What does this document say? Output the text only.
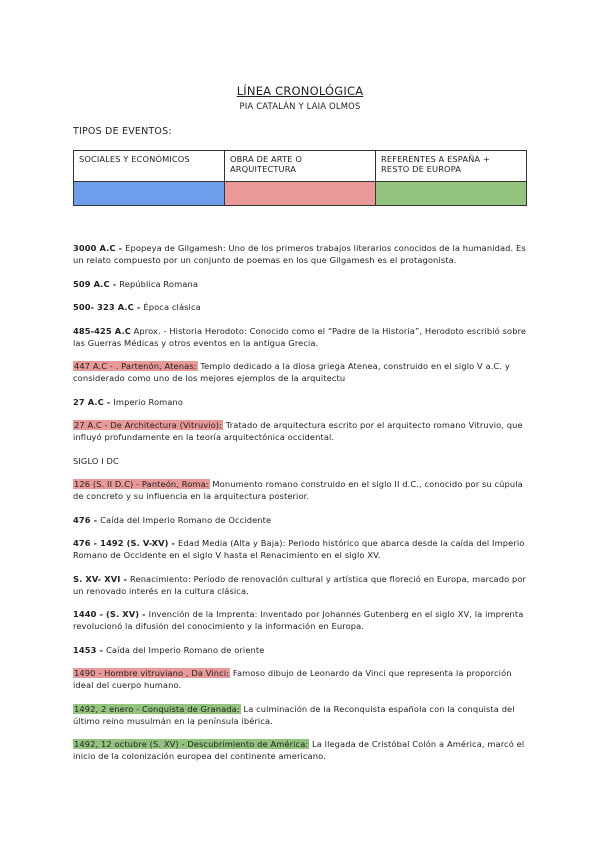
LÍNEA CRONOLÓGICA
PIA CATALÁN Y LAIA OLMOS
TIPOS DE EVENTOS:
SOCIALES Y ECONÓMICOS	OBRA DE ARTE O ARQUITECTURA	REFERENTES A ESPAÑA + RESTO DE EUROPA

3000 A.C - Epopeya de Gilgamesh: Uno de los primeros trabajos literarios conocidos de la humanidad. Es un relato compuesto por un conjunto de poemas en los que Gilgamesh es el protagonista.
509 A.C - República Romana
500- 323 A.C - Época clásica
485-425 A.C Aprox. - Historia Herodoto: Conocido como el “Padre de la Historia”, Herodoto escribió sobre las Guerras Médicas y otros eventos en la antigua Grecia.
447 A.C - . Partenón, Atenas: Templo dedicado a la diosa griega Atenea, construido en el siglo V a.C. y considerado como uno de los mejores ejemplos de la arquitectu
27 A.C - Imperio Romano
27 A.C - De Architectura (Vitruvio): Tratado de arquitectura escrito por el arquitecto romano Vitruvio, que influyó profundamente en la teoría arquitectónica occidental.
SIGLO I DC
126 (S. II D.C) - Panteón, Roma: Monumento romano construido en el siglo II d.C., conocido por su cúpula de concreto y su influencia en la arquitectura posterior.
476 - Caída del Imperio Romano de Occidente
476 - 1492 (S. V-XV) - Edad Media (Alta y Baja): Periodo histórico que abarca desde la caída del Imperio Romano de Occidente en el siglo V hasta el Renacimiento en el siglo XV.
S. XV- XVI - Renacimiento: Período de renovación cultural y artística que floreció en Europa, marcado por un renovado interés en la cultura clásica.
1440 - (S. XV) - Invención de la Imprenta: Inventado por Johannes Gutenberg en el siglo XV, la imprenta revolucionó la difusión del conocimiento y la información en Europa.
1453 - Caída del Imperio Romano de oriente
1490 - Hombre vitruviano , Da Vinci: Famoso dibujo de Leonardo da Vinci que representa la proporción ideal del cuerpo humano.
1492, 2 enero - Conquista de Granada: La culminación de la Reconquista española con la conquista del último reino musulmán en la península ibérica.
1492, 12 octubre (S. XV) - Descubrimiento de América: La llegada de Cristóbal Colón a América, marcó el inicio de la colonización europea del continente americano.
